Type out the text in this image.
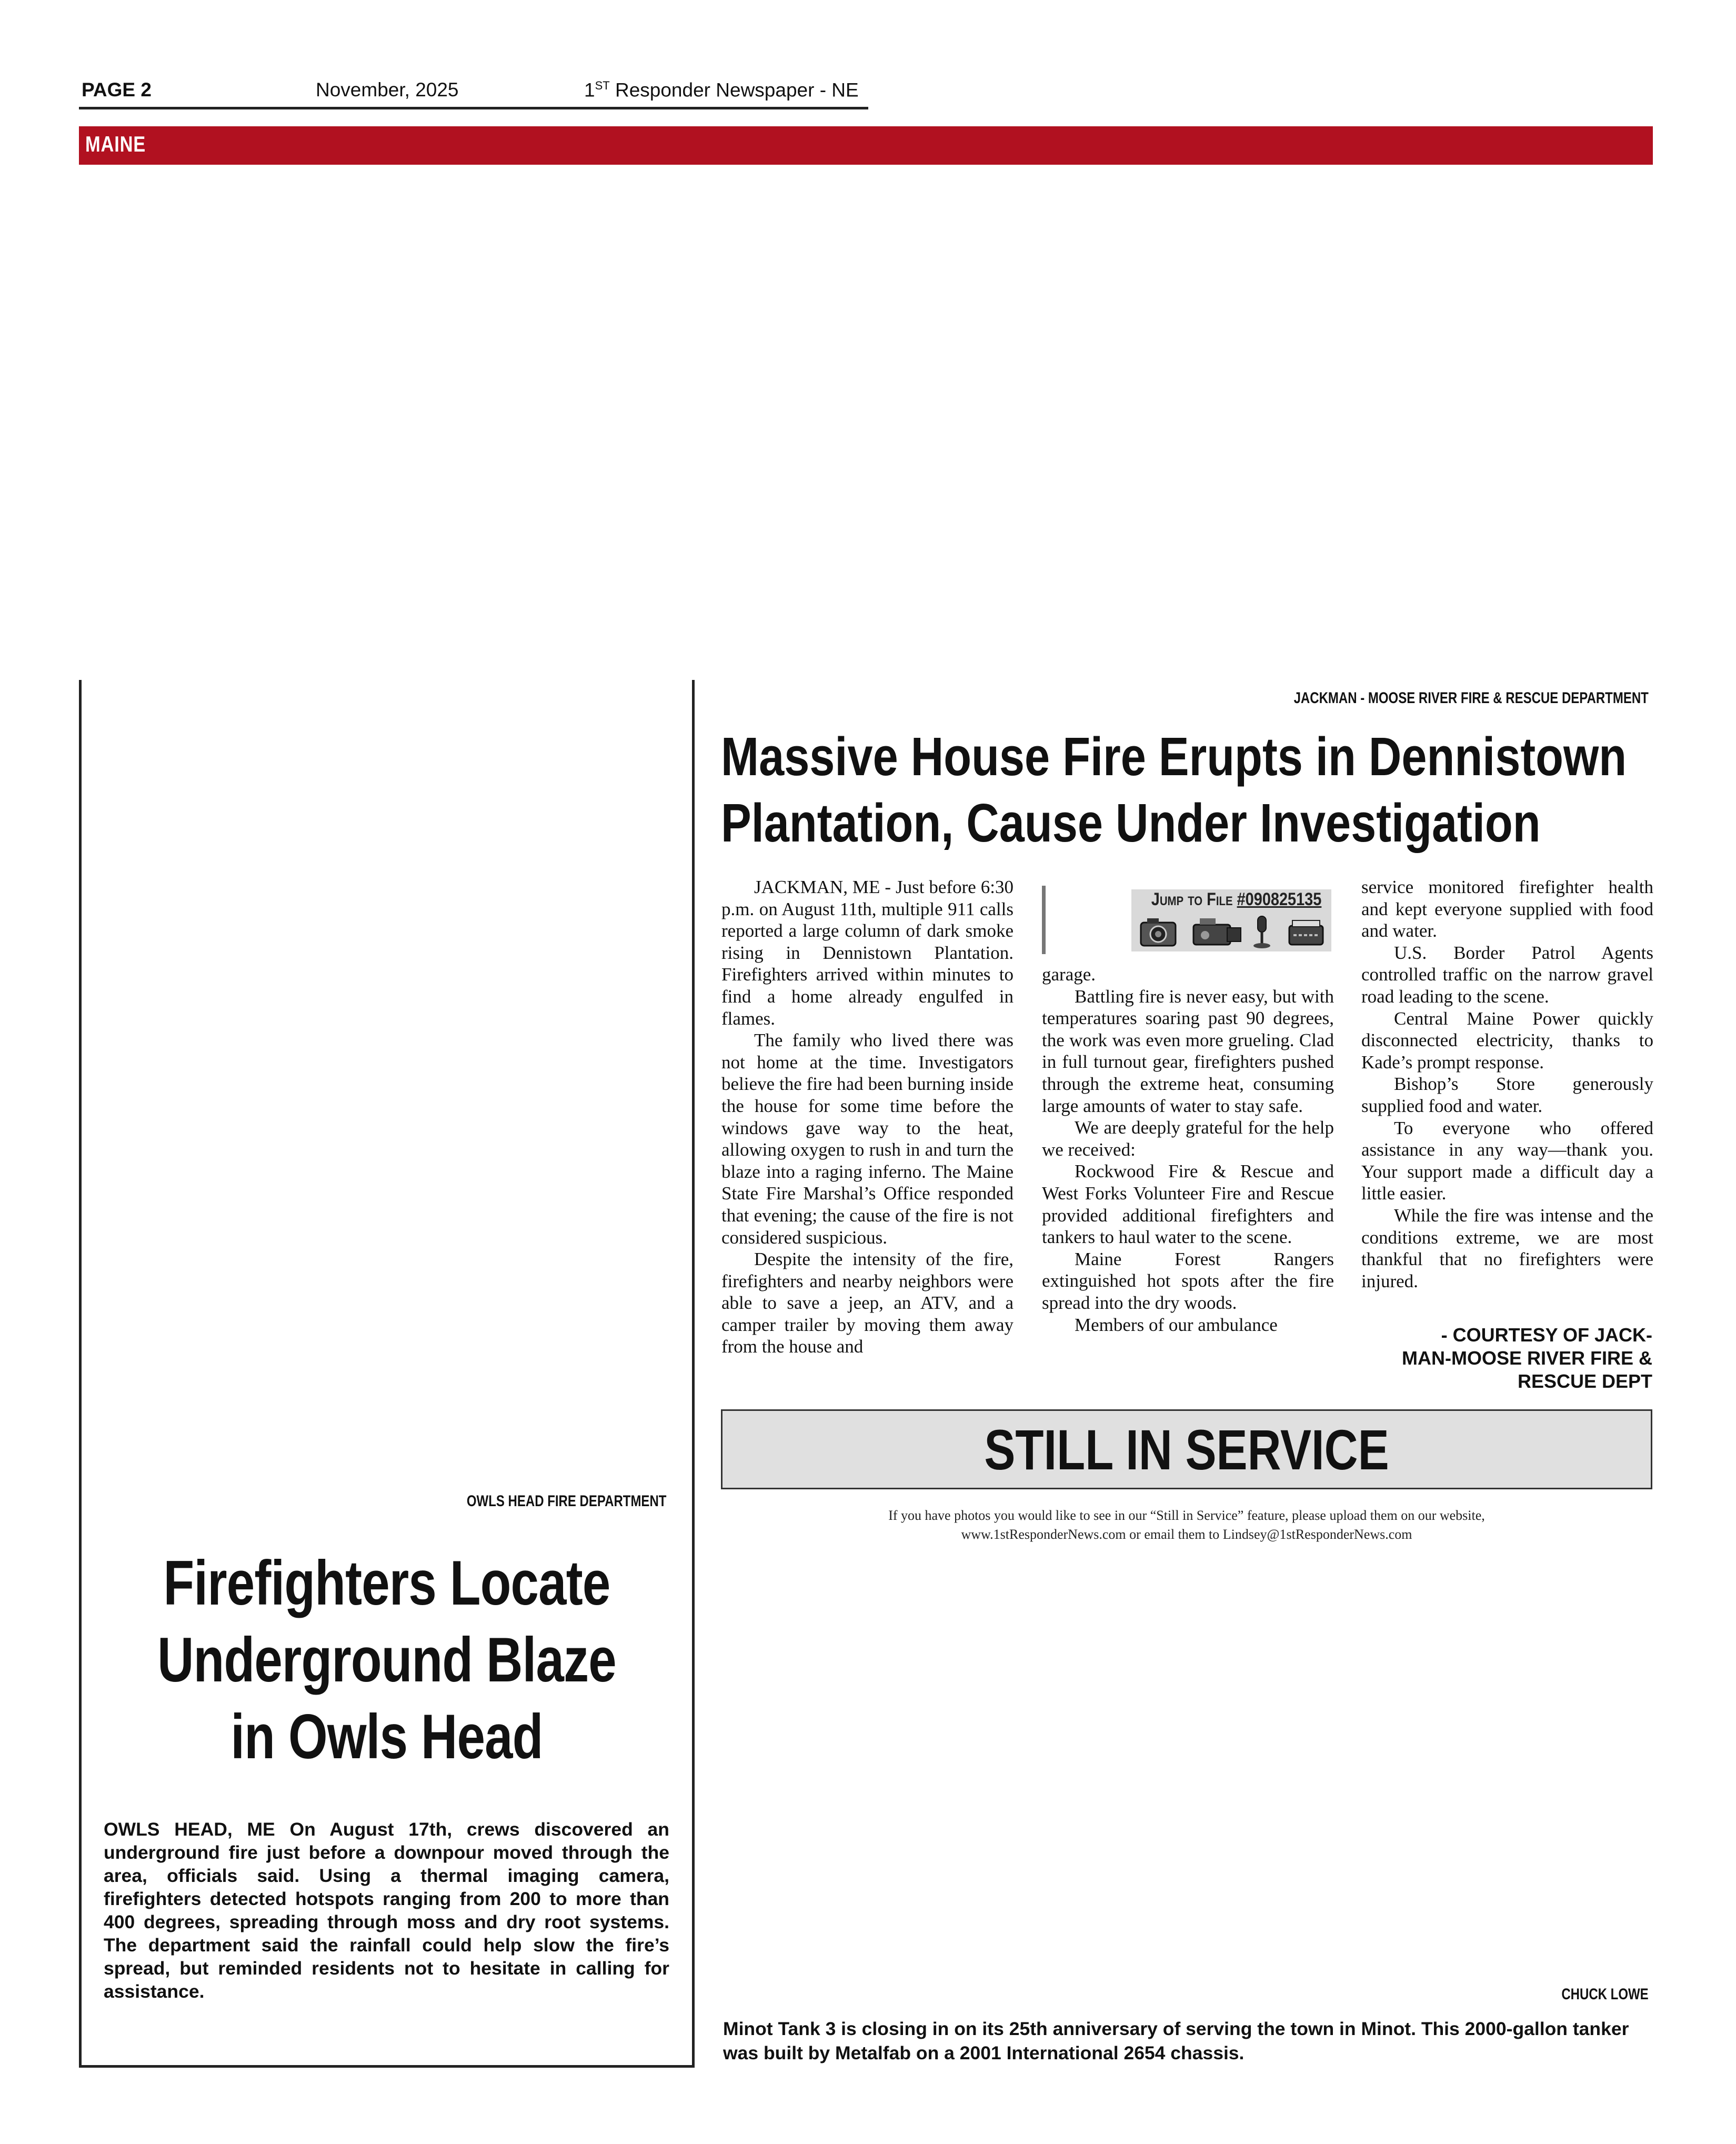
PAGE 2	November, 2025	1ST Responder Newspaper - NE
MAINE
OWLS HEAD FIRE DEPARTMENT
Firefighters Locate
Underground Blaze
in Owls Head
OWLS HEAD, ME On August 17th, crews discovered an underground fire just before a downpour moved through the area, officials said. Using a thermal imaging camera, firefighters detected hotspots ranging from 200 to more than 400 degrees, spreading through moss and dry root systems. The department said the rainfall could help slow the fire’s spread, but reminded residents not to hesitate in calling for assistance.
JACKMAN - MOOSE RIVER FIRE & RESCUE DEPARTMENT
Massive House Fire Erupts in Dennistown
Plantation, Cause Under Investigation

JACKMAN, ME - Just before 6:30 p.m. on August 11th, multiple 911 calls reported a large column of dark smoke rising in Dennistown Plantation. Firefighters arrived within minutes to find a home already engulfed in flames.

The family who lived there was not home at the time. Investigators believe the fire had been burning inside the house for some time before the windows gave way to the heat, allowing oxygen to rush in and turn the blaze into a raging inferno. The Maine State Fire Marshal’s Office responded that evening; the cause of the fire is not considered suspicious.

Despite the intensity of the fire, firefighters and nearby neighbors were able to save a jeep, an ATV, and a camper trailer by moving them away from the house and

Jump to File #090825135

garage.

Battling fire is never easy, but with temperatures soaring past 90 degrees, the work was even more grueling. Clad in full turnout gear, firefighters pushed through the extreme heat, consuming large amounts of water to stay safe.

We are deeply grateful for the help we received:

Rockwood Fire & Rescue and West Forks Volunteer Fire and Rescue provided additional firefighters and tankers to haul water to the scene.

Maine Forest Rangers extinguished hot spots after the fire spread into the dry woods.

Members of our ambulance

service monitored firefighter health and kept everyone supplied with food and water.

U.S. Border Patrol Agents controlled traffic on the narrow gravel road leading to the scene.

Central Maine Power quickly disconnected electricity, thanks to Kade’s prompt response.

Bishop’s Store generously supplied food and water.

To everyone who offered assistance in any way—thank you. Your support made a difficult day a little easier.

While the fire was intense and the conditions extreme, we are most thankful that no firefighters were injured.

- COURTESY OF JACK-
MAN-MOOSE RIVER FIRE &
RESCUE DEPT
STILL IN SERVICE
If you have photos you would like to see in our “Still in Service” feature, please upload them on our website,
www.1stResponderNews.com or email them to Lindsey@1stResponderNews.com
CHUCK LOWE
Minot Tank 3 is closing in on its 25th anniversary of serving the town in Minot. This 2000-gallon tanker was built by Metalfab on a 2001 International 2654 chassis.
